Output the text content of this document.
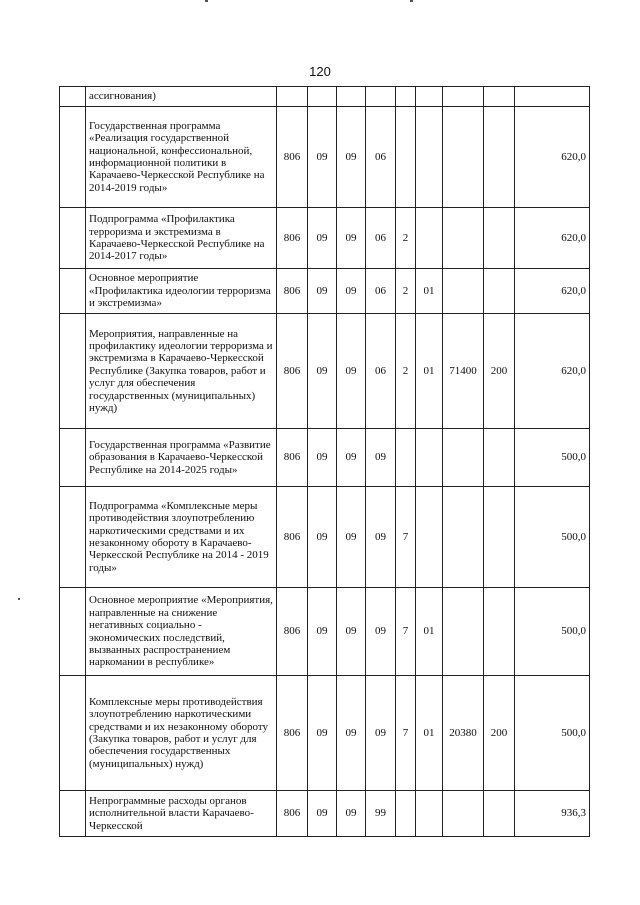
120
	ассигнования)									
	Государственная программа «Реализация государственной национальной, конфессиональной, информационной политики в Карачаево-Черкесской Республике на 2014-2019 годы»	806	09	09	06					620,0
	Подпрограмма «Профилактика терроризма и экстремизма в Карачаево-Черкесской Республике на 2014-2017 годы»	806	09	09	06	2				620,0
	Основное мероприятие «Профилактика идеологии терроризма и экстремизма»	806	09	09	06	2	01			620,0
	Мероприятия, направленные на профилактику идеологии терроризма и экстремизма в Карачаево-Черкесской Республике (Закупка товаров, работ и услуг для обеспечения государственных (муниципальных) нужд)	806	09	09	06	2	01	71400	200	620,0
	Государственная программа «Развитие образования в Карачаево-Черкесской Республике на 2014-2025 годы»	806	09	09	09					500,0
	Подпрограмма «Комплексные меры противодействия злоупотреблению наркотическими средствами и их незаконному обороту в Карачаево-Черкесской Республике на 2014 - 2019 годы»	806	09	09	09	7				500,0
	Основное мероприятие «Мероприятия, направленные на снижение негативных социально - экономических последствий, вызванных распространением наркомании в республике»	806	09	09	09	7	01			500,0
	Комплексные меры противодействия злоупотреблению наркотическими средствами и их незаконному обороту (Закупка товаров, работ и услуг для обеспечения государственных (муниципальных) нужд)	806	09	09	09	7	01	20380	200	500,0
	Непрограммные расходы органов исполнительной власти Карачаево-Черкесской	806	09	09	99					936,3
